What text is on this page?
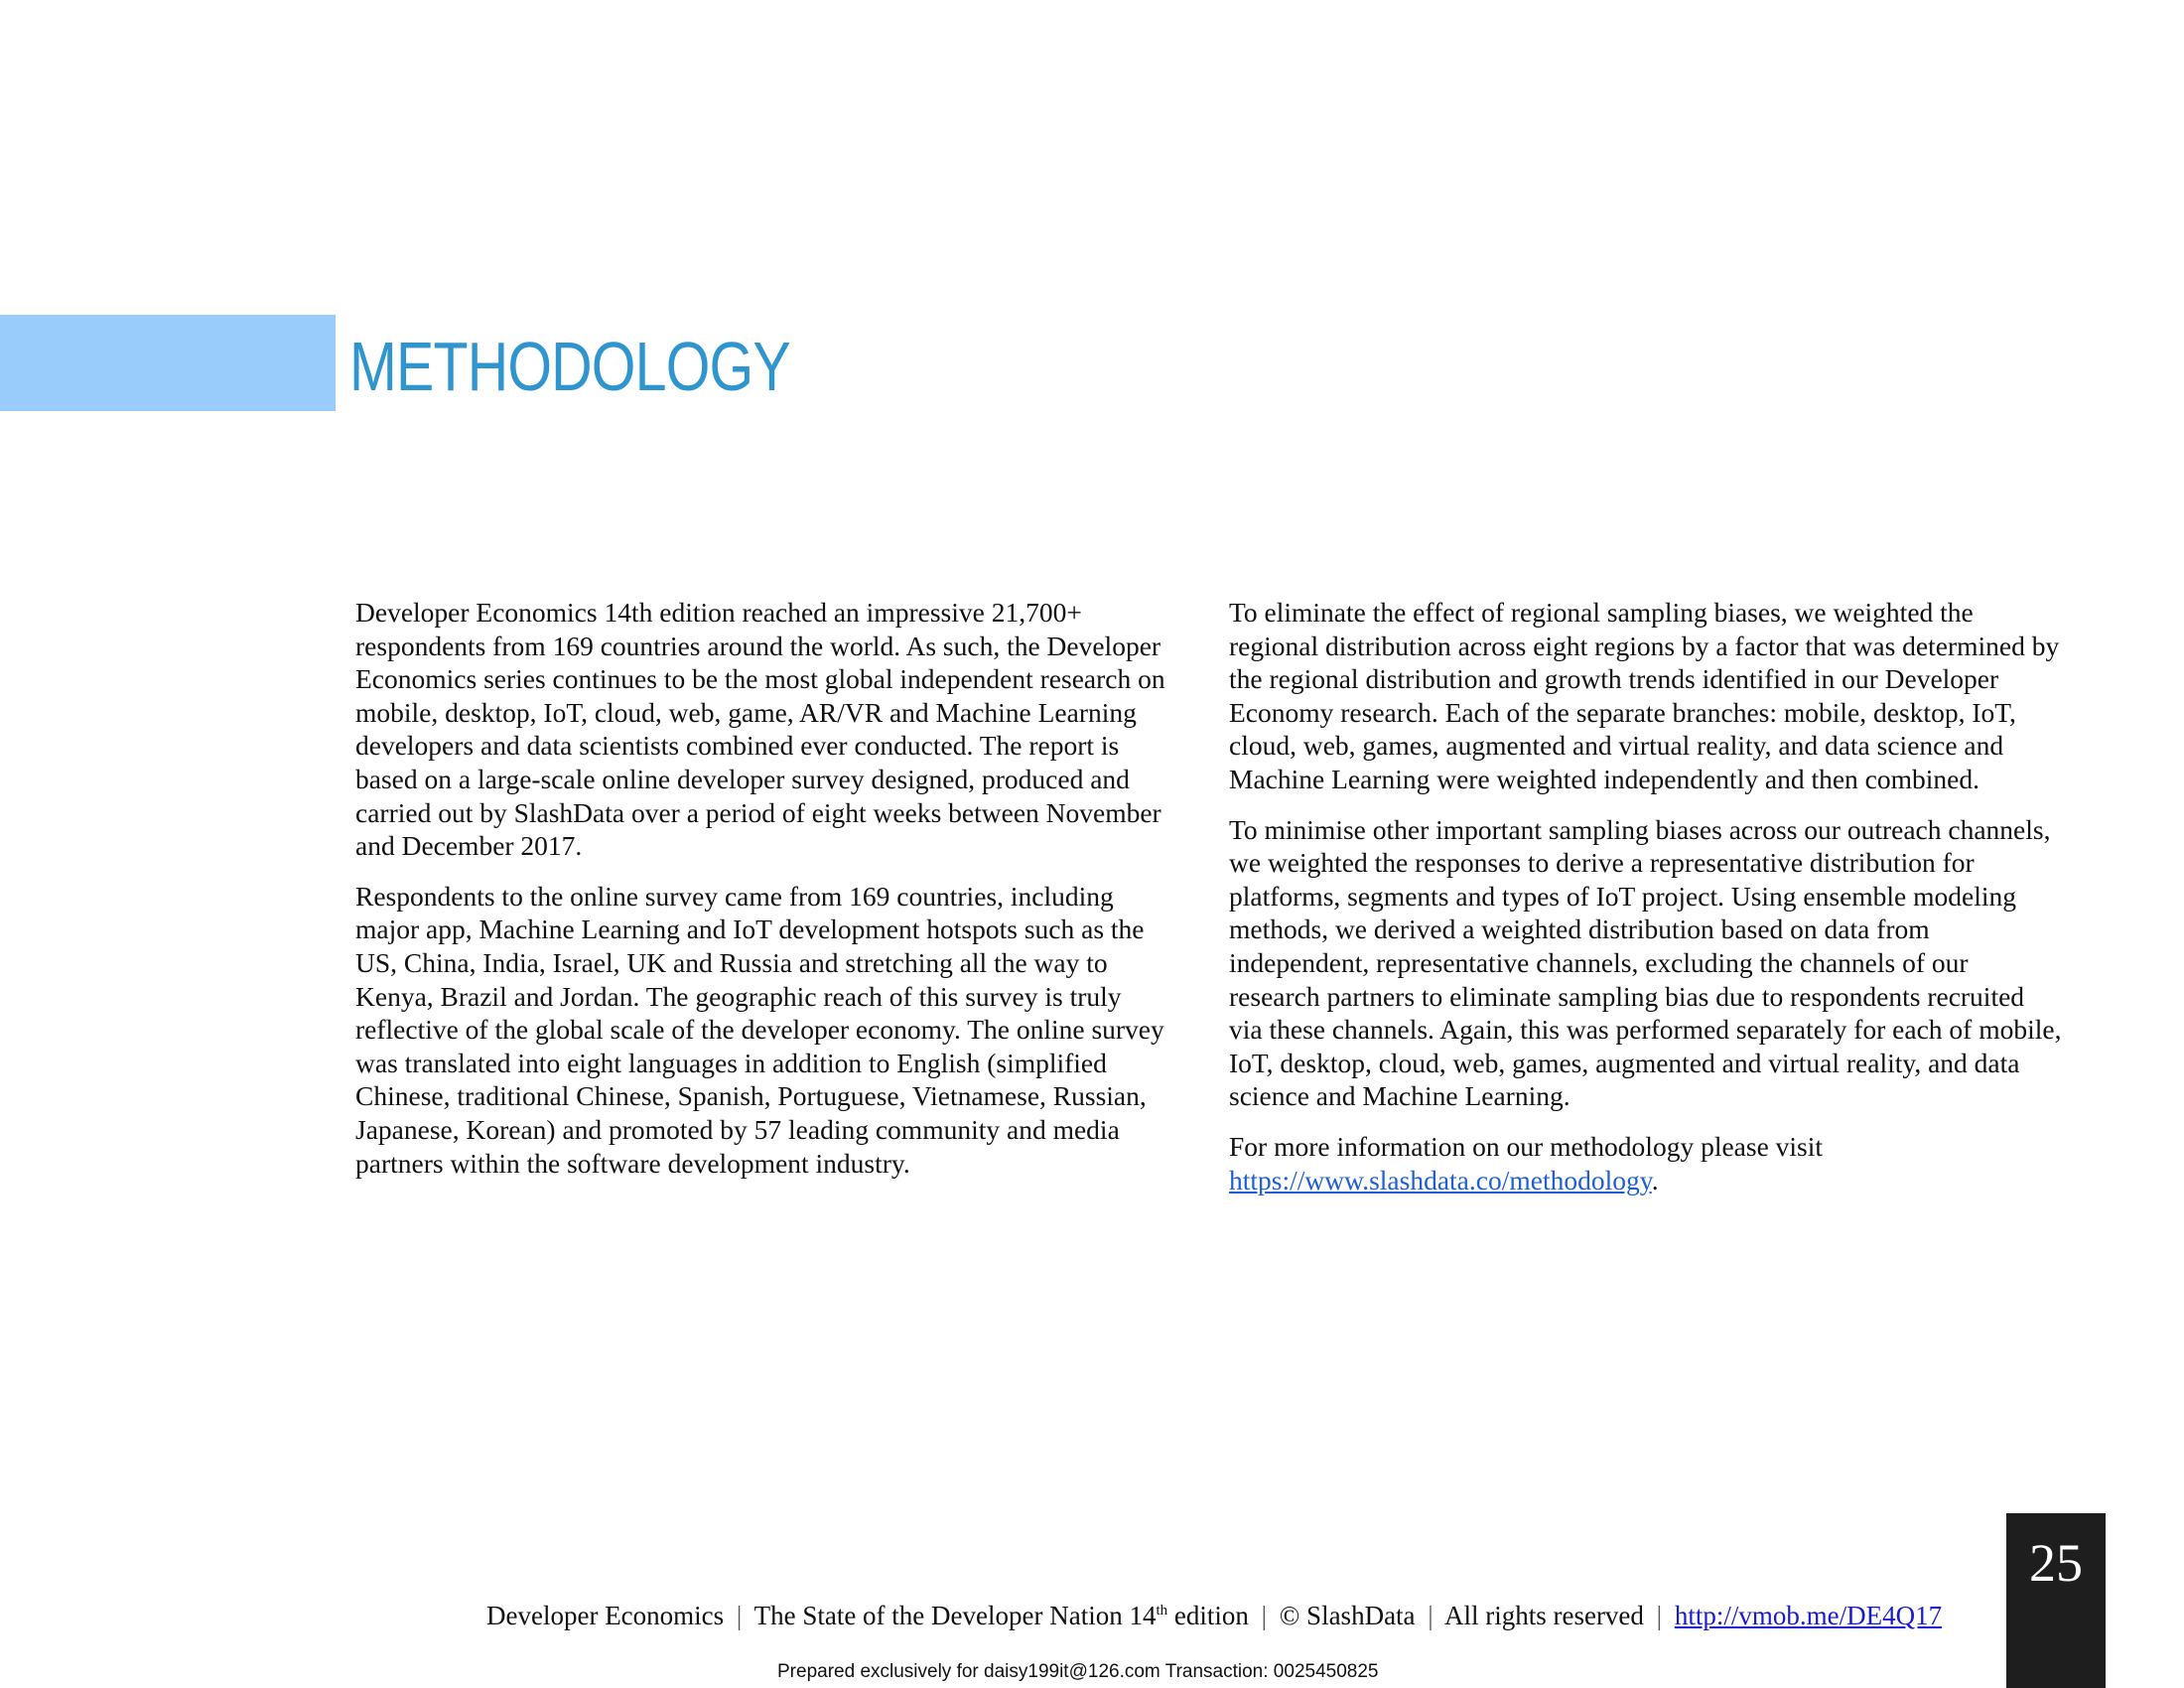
METHODOLOGY

Developer Economics 14th edition reached an impressive 21,700+ respondents from 169 countries around the world. As such, the Developer Economics series continues to be the most global independent research on mobile, desktop, IoT, cloud, web, game, AR/VR and Machine Learning developers and data scientists combined ever conducted. The report is based on a large-scale online developer survey designed, produced and carried out by SlashData over a period of eight weeks between November and December 2017.

Respondents to the online survey came from 169 countries, including major app, Machine Learning and IoT development hotspots such as the US, China, India, Israel, UK and Russia and stretching all the way to Kenya, Brazil and Jordan. The geographic reach of this survey is truly reflective of the global scale of the developer economy. The online survey was translated into eight languages in addition to English (simplified Chinese, traditional Chinese, Spanish, Portuguese, Vietnamese, Russian, Japanese, Korean) and promoted by 57 leading community and media partners within the software development industry.

To eliminate the effect of regional sampling biases, we weighted the regional distribution across eight regions by a factor that was determined by the regional distribution and growth trends identified in our Developer Economy research. Each of the separate branches: mobile, desktop, IoT, cloud, web, games, augmented and virtual reality, and data science and Machine Learning were weighted independently and then combined.

To minimise other important sampling biases across our outreach channels, we weighted the responses to derive a representative distribution for platforms, segments and types of IoT project. Using ensemble modeling methods, we derived a weighted distribution based on data from independent, representative channels, excluding the channels of our research partners to eliminate sampling bias due to respondents recruited via these channels. Again, this was performed separately for each of mobile, IoT, desktop, cloud, web, games, augmented and virtual reality, and data science and Machine Learning.

For more information on our methodology please visit
https://www.slashdata.co/methodology.

Developer Economics | The State of the Developer Nation 14th edition | © SlashData | All rights reserved | http://vmob.me/DE4Q17
25
Prepared exclusively for daisy199it@126.com Transaction: 0025450825
